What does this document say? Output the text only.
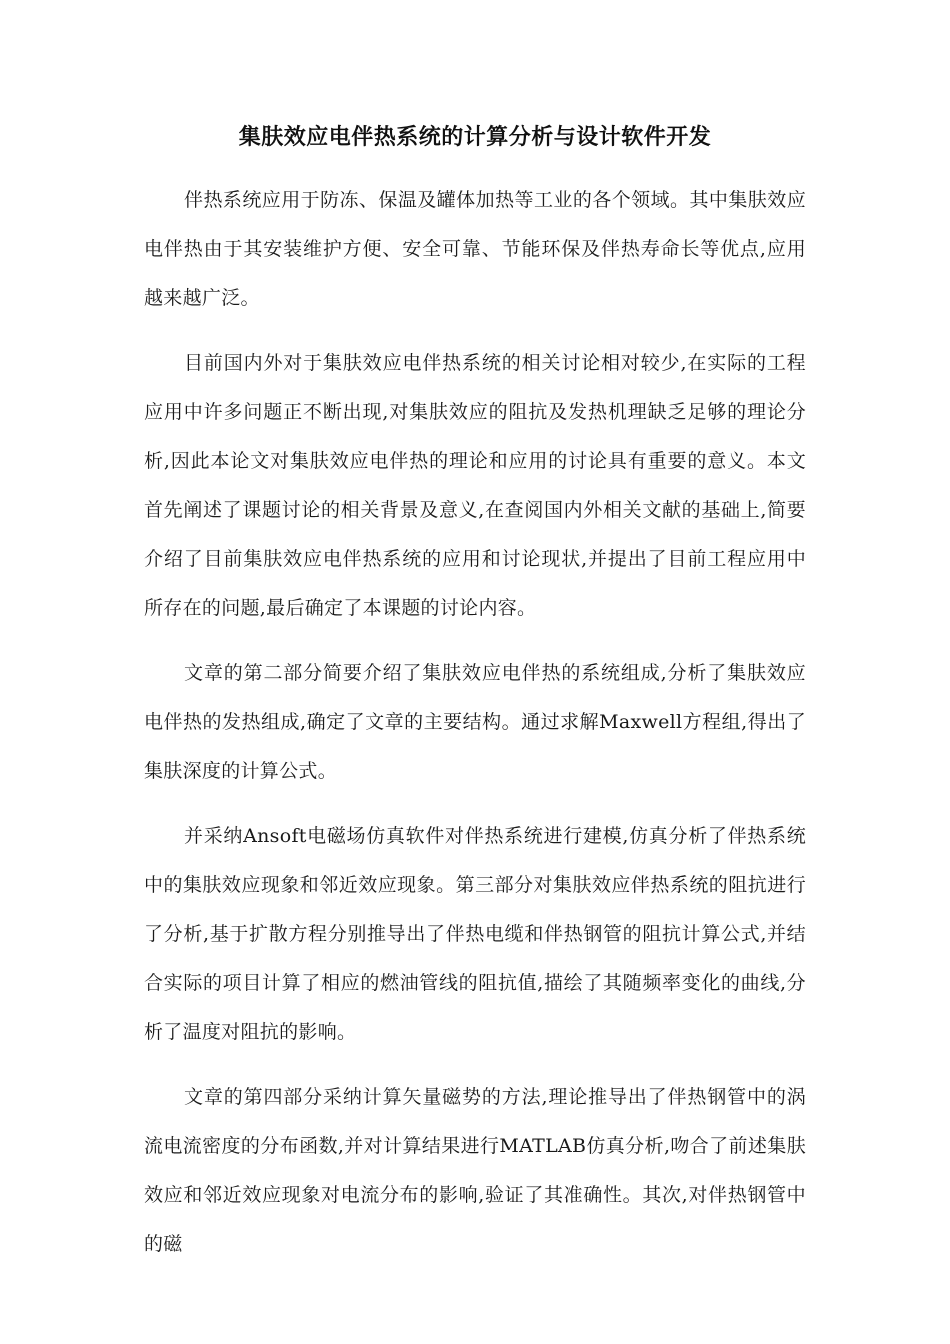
集肤效应电伴热系统的计算分析与设计软件开发

伴热系统应用于防冻、保温及罐体加热等工业的各个领域。其中集肤效应电伴热由于其安装维护方便、安全可靠、节能环保及伴热寿命长等优点,应用越来越广泛。

目前国内外对于集肤效应电伴热系统的相关讨论相对较少,在实际的工程应用中许多问题正不断出现,对集肤效应的阻抗及发热机理缺乏足够的理论分析,因此本论文对集肤效应电伴热的理论和应用的讨论具有重要的意义。本文首先阐述了课题讨论的相关背景及意义,在查阅国内外相关文献的基础上,简要介绍了目前集肤效应电伴热系统的应用和讨论现状,并提出了目前工程应用中所存在的问题,最后确定了本课题的讨论内容。

文章的第二部分简要介绍了集肤效应电伴热的系统组成,分析了集肤效应电伴热的发热组成,确定了文章的主要结构。通过求解Maxwell方程组,得出了集肤深度的计算公式。

并采纳Ansoft电磁场仿真软件对伴热系统进行建模,仿真分析了伴热系统中的集肤效应现象和邻近效应现象。第三部分对集肤效应伴热系统的阻抗进行了分析,基于扩散方程分别推导出了伴热电缆和伴热钢管的阻抗计算公式,并结合实际的项目计算了相应的燃油管线的阻抗值,描绘了其随频率变化的曲线,分析了温度对阻抗的影响。

文章的第四部分采纳计算矢量磁势的方法,理论推导出了伴热钢管中的涡流电流密度的分布函数,并对计算结果进行MATLAB仿真分析,吻合了前述集肤效应和邻近效应现象对电流分布的影响,验证了其准确性。其次,对伴热钢管中的磁
